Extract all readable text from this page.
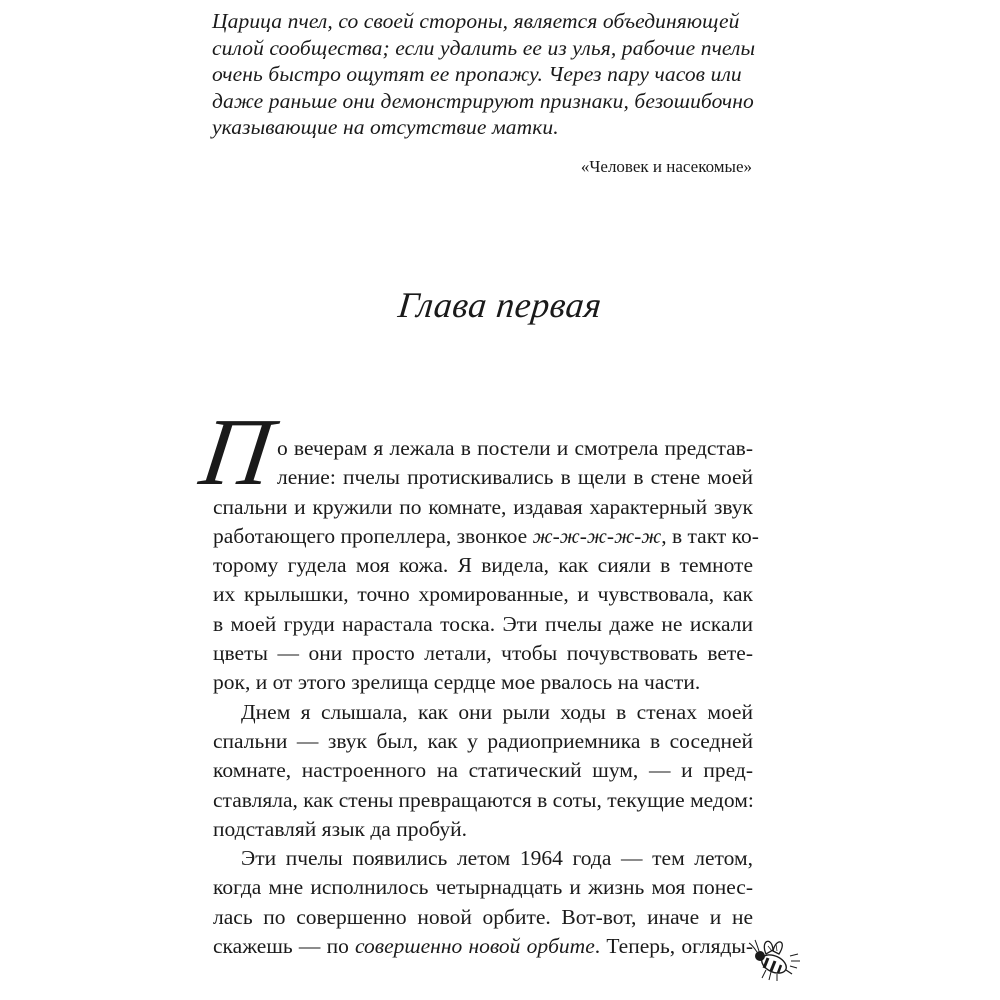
Царица пчел, со своей стороны, является объединяющей
силой сообщества; если удалить ее из улья, рабочие пчелы
очень быстро ощутят ее пропажу. Через пару часов или
даже раньше они демонстрируют признаки, безошибочно
указывающие на отсутствие матки.
«Человек и насекомые»
Глава первая
П
о вечерам я лежала в постели и смотрела представ-
ление: пчелы протискивались в щели в стене моей
спальни и кружили по комнате, издавая характерный звук
работающего пропеллера, звонкое ж-ж-ж-ж-ж, в такт ко-
торому гудела моя кожа. Я видела, как сияли в темноте
их крылышки, точно хромированные, и чувствовала, как
в моей груди нарастала тоска. Эти пчелы даже не искали
цветы — они просто летали, чтобы почувствовать вете-
рок, и от этого зрелища сердце мое рвалось на части.
Днем я слышала, как они рыли ходы в стенах моей
спальни — звук был, как у радиоприемника в соседней
комнате, настроенного на статический шум, — и пред-
ставляла, как стены превращаются в соты, текущие медом:
подставляй язык да пробуй.
Эти пчелы появились летом 1964 года — тем летом,
когда мне исполнилось четырнадцать и жизнь моя понес-
лась по совершенно новой орбите. Вот-вот, иначе и не
скажешь — по совершенно новой орбите. Теперь, огляды-
